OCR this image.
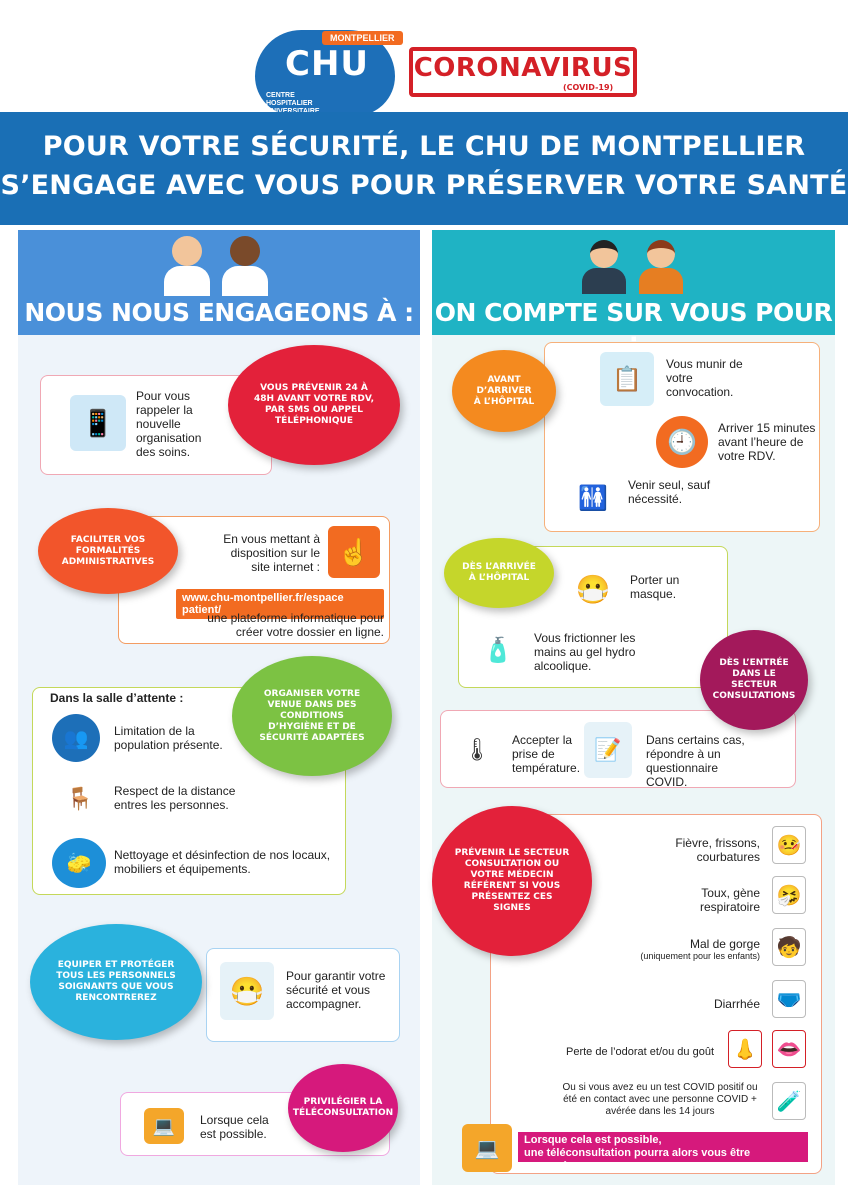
MONTPELLIER
CHU
CENTRE HOSPITALIER
CORONAVIRUS
(COVID-19)
POUR VOTRE SÉCURITÉ, LE CHU DE MONTPELLIER
S’ENGAGE AVEC VOUS POUR PRÉSERVER VOTRE SANTÉ
NOUS NOUS ENGAGEONS À : ON COMPTE SUR VOUS POUR
📱
Pour vous rappeler la nouvelle organisation des soins.
VOUS PRÉVENIR 24 À 48H AVANT VOTRE RDV, PAR SMS OU APPEL TÉLÉPHONIQUE
FACILITER VOS FORMALITÉS ADMINISTRATIVES
En vous mettant à disposition sur le site internet :
☝
www.chu-montpellier.fr/espace patient/
une plateforme informatique pour créer votre dossier en ligne.
Dans la salle d’attente :	ORGANISER VOTRE VENUE DANS DES CONDITIONS D’HYGIÈNE ET DE SÉCURITÉ ADAPTÉES
👥	Limitation de la population présente.
🪑	Respect de la distance entres les personnes.
🧽	Nettoyage et désinfection de nos locaux, mobiliers et équipements.
EQUIPER ET PROTÉGER TOUS LES PERSONNELS SOIGNANTS QUE VOUS RENCONTREREZ	😷	Pour garantir votre sécurité et vous accompagner.
PRIVILÉGIER LA TÉLÉCONSULTATION
💻	Lorsque cela est possible.
AVANT D’ARRIVER À L’HÔPITAL
📋
Vous munir de votre convocation.
🕘
Arriver 15 minutes avant l’heure de votre RDV.
🚻	Venir seul, sauf nécessité.
DÈS L’ARRIVÉE À L’HÔPITAL	😷	Porter un masque.
🧴	Vous frictionner les mains au gel hydro alcoolique.	DÈS L’ENTRÉE DANS LE SECTEUR CONSULTATIONS
🌡	Accepter la prise de température.
📝	Dans certains cas, répondre à un questionnaire COVID.
PRÉVENIR LE SECTEUR CONSULTATION OU VOTRE MÉDECIN RÉFÉRENT SI VOUS PRÉSENTEZ CES SIGNES
Fièvre, frissons, courbatures
🤒
Toux, gène respiratoire
🤧
Mal de gorge
(uniquement pour les enfants) 🧒
Diarrhée 🩲
Perte de l’odorat et/ou du goût 👃 👄
Ou si vous avez eu un test COVID positif ou été en contact avec une personne COVID + avérée dans les 14 jours	🧪
💻	Lorsque cela est possible,
une téléconsultation pourra alors vous être proposée.
